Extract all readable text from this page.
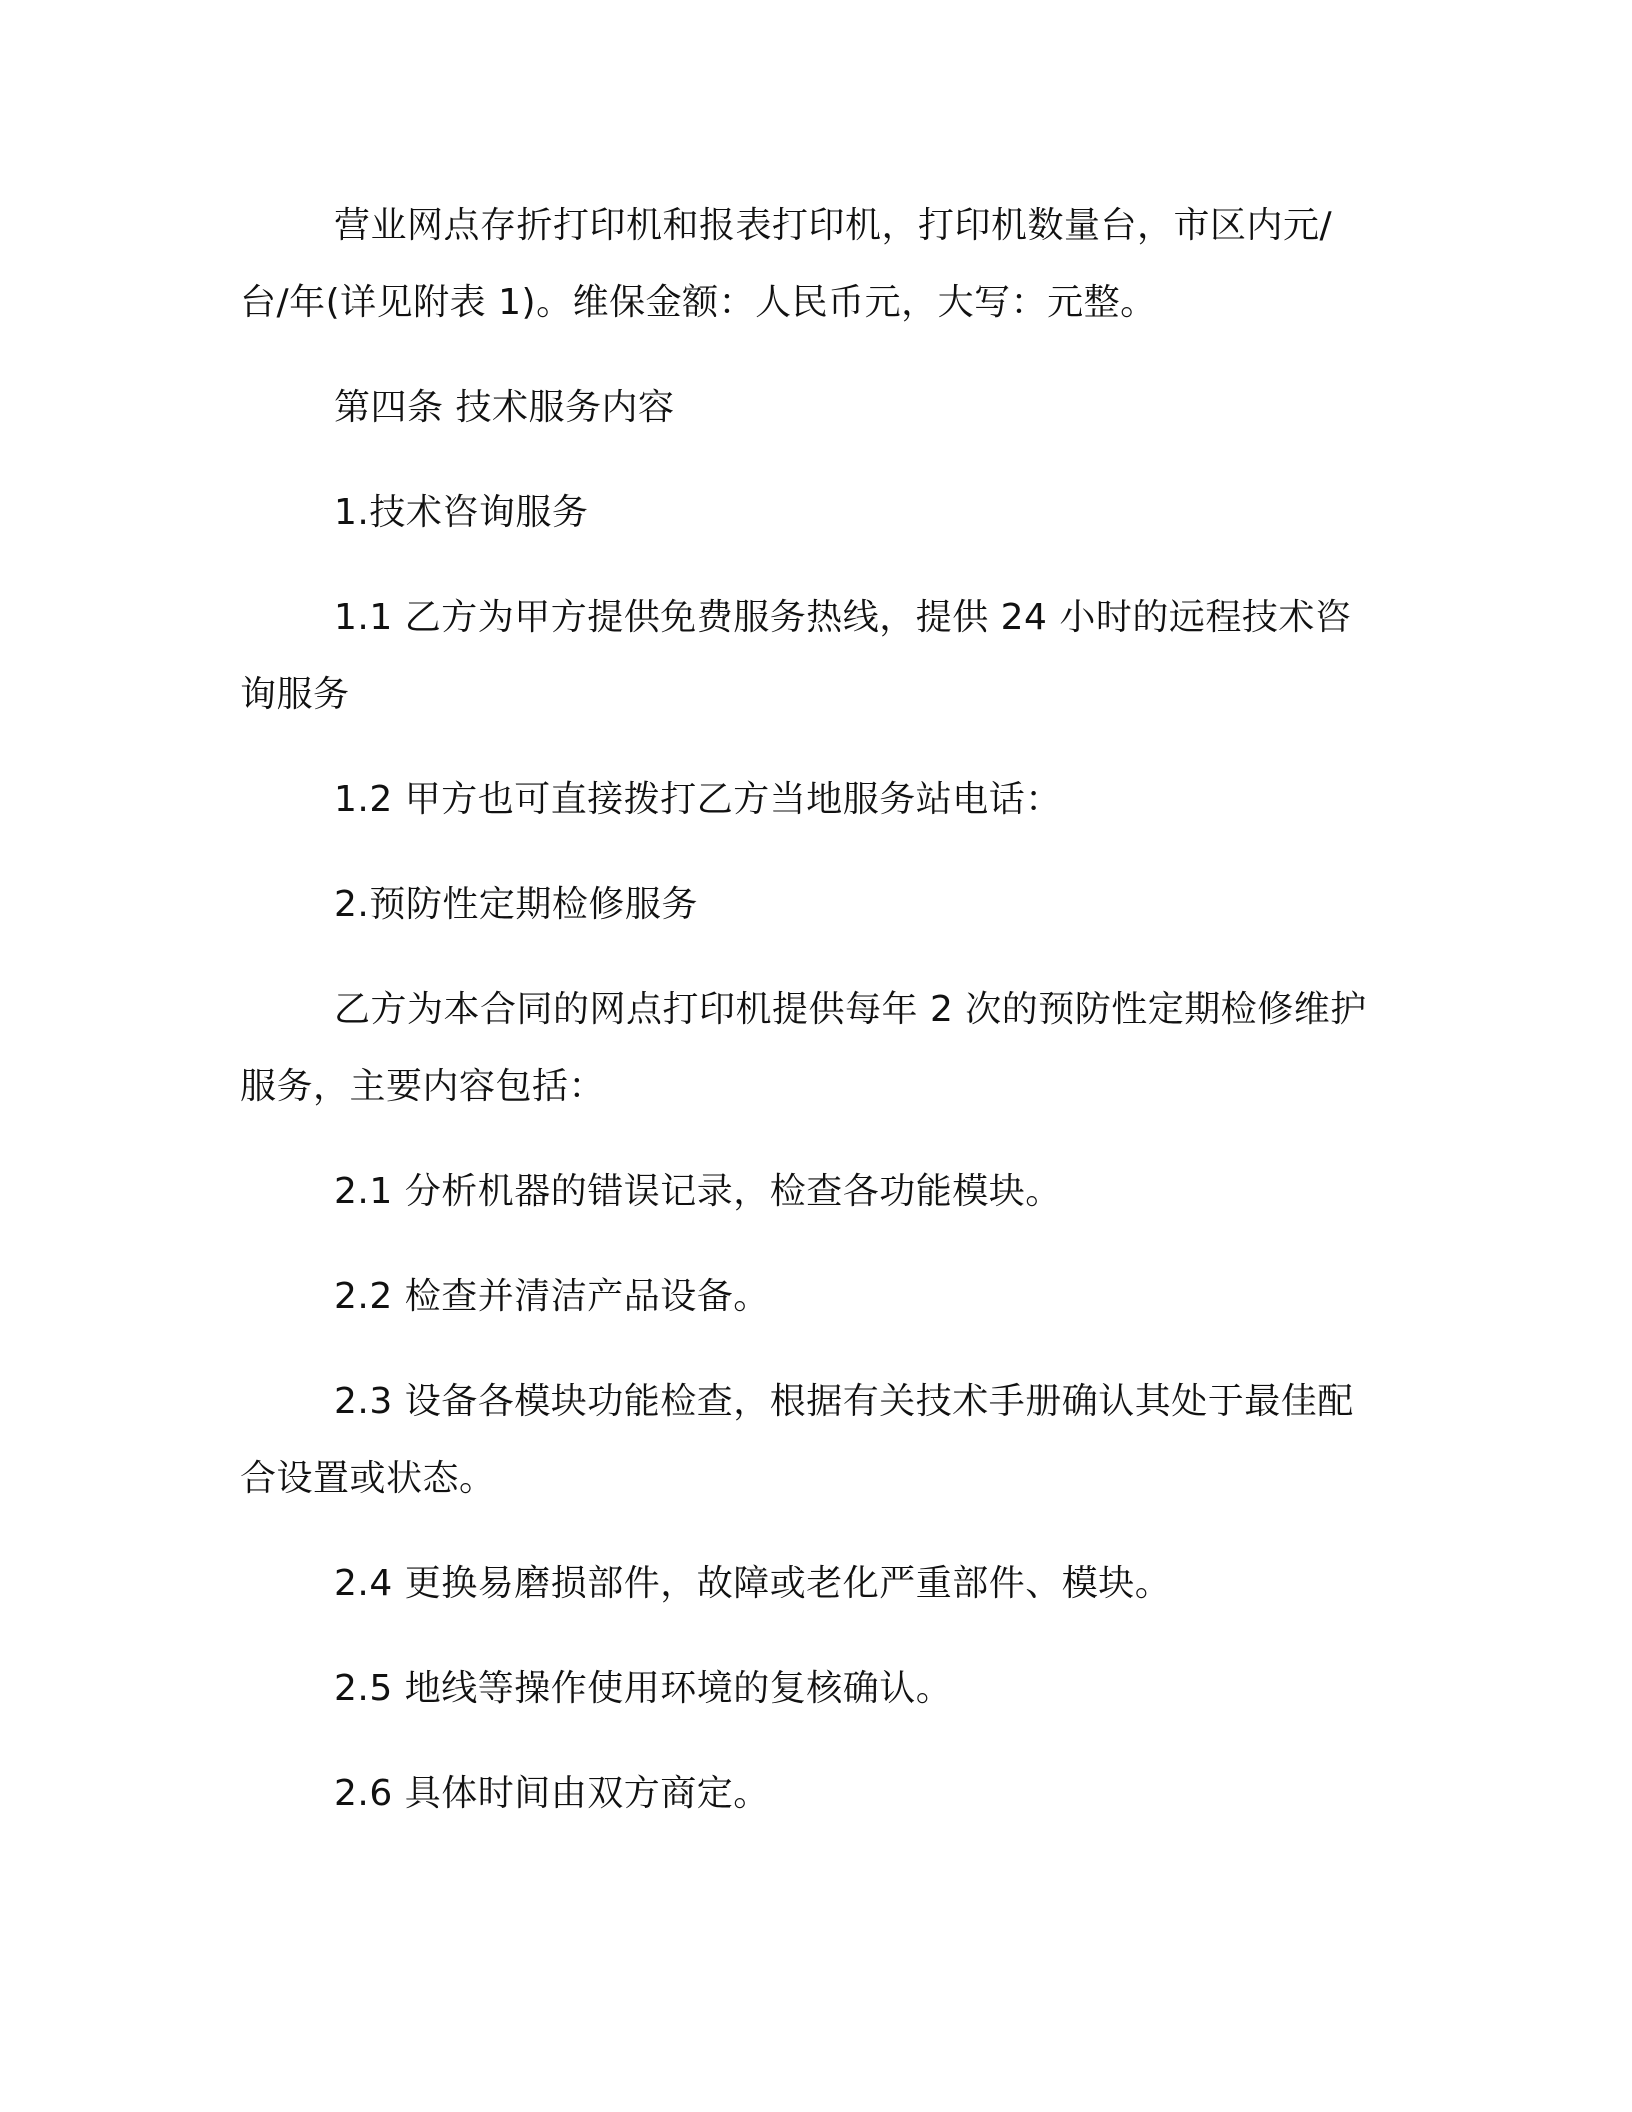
营业网点存折打印机和报表打印机，打印机数量台，市区内元/台/年(详见附表 1)。维保金额：人民币元，大写：元整。

第四条 技术服务内容

1.技术咨询服务

1.1 乙方为甲方提供免费服务热线，提供 24 小时的远程技术咨询服务

1.2 甲方也可直接拨打乙方当地服务站电话：

2.预防性定期检修服务

乙方为本合同的网点打印机提供每年 2 次的预防性定期检修维护服务，主要内容包括：

2.1 分析机器的错误记录，检查各功能模块。

2.2 检查并清洁产品设备。

2.3 设备各模块功能检查，根据有关技术手册确认其处于最佳配合设置或状态。

2.4 更换易磨损部件，故障或老化严重部件、模块。

2.5 地线等操作使用环境的复核确认。

2.6 具体时间由双方商定。
